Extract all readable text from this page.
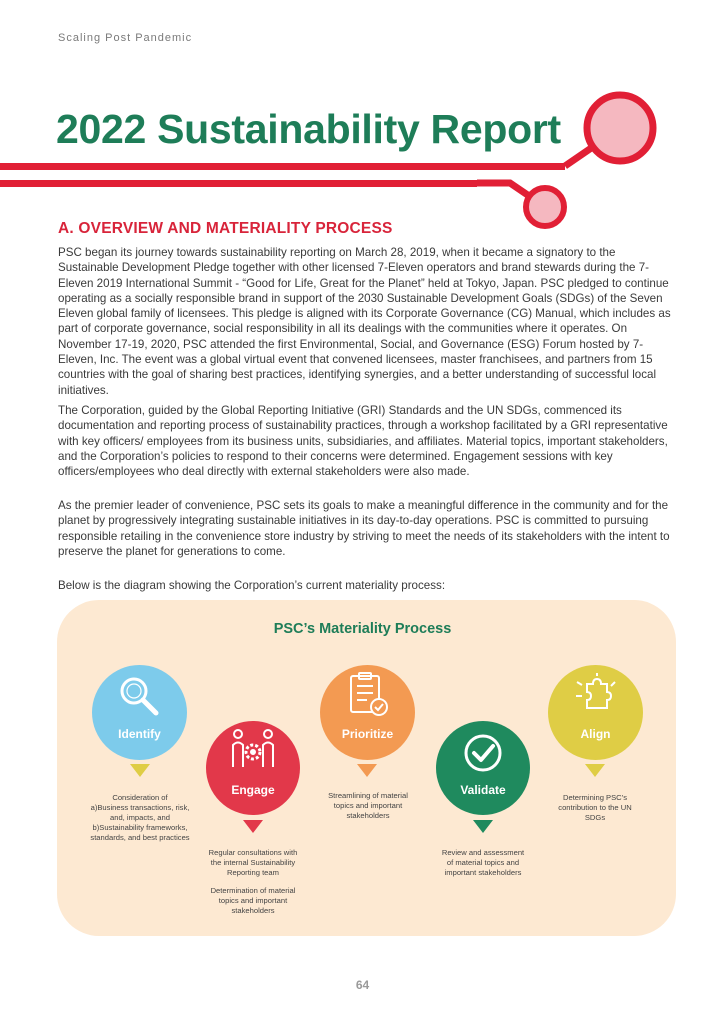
Scaling Post Pandemic
2022 Sustainability Report
A. OVERVIEW AND MATERIALITY PROCESS

PSC began its journey towards sustainability reporting on March 28, 2019, when it became a signatory to the Sustainable Development Pledge together with other licensed 7-Eleven operators and brand stewards during the 7-Eleven 2019 International Summit - “Good for Life, Great for the Planet” held at Tokyo, Japan. PSC pledged to continue operating as a socially responsible brand in support of the 2030 Sustainable Development Goals (SDGs) of the Seven Eleven global family of licensees. This pledge is aligned with its Corporate Governance (CG) Manual, which includes as part of corporate governance, social responsibility in all its dealings with the communities where it operates. On November 17-19, 2020, PSC attended the first Environmental, Social, and Governance (ESG) Forum hosted by 7-Eleven, Inc. The event was a global virtual event that convened licensees, master franchisees, and partners from 15 countries with the goal of sharing best practices, identifying synergies, and a better understanding of successful local initiatives.

The Corporation, guided by the Global Reporting Initiative (GRI) Standards and the UN SDGs, commenced its documentation and reporting process of sustainability practices, through a workshop facilitated by a GRI representative with key officers/ employees from its business units, subsidiaries, and affiliates. Material topics, important stakeholders, and the Corporation’s policies to respond to their concerns were determined. Engagement sessions with key officers/employees who deal directly with external stakeholders were also made.

As the premier leader of convenience, PSC sets its goals to make a meaningful difference in the community and for the planet by progressively integrating sustainable initiatives in its day-to-day operations. PSC is committed to pursuing responsible retailing in the convenience store industry by striving to meet the needs of its stakeholders with the intent to preserve the planet for generations to come.

Below is the diagram showing the Corporation’s current materiality process:

PSC’s Materiality Process
Identify

Consideration of

a)Business transactions, risk,

and, impacts, and

b)Sustainability frameworks,

standards, and best practices

Engage

Regular consultations with

the internal Sustainability

Reporting team

Determination of material

topics and important

stakeholders

Prioritize

Streamlining of material

topics and important

stakeholders

Validate

Review and assessment

of material topics and

important stakeholders

Align

Determining PSC’s

contribution to the UN

SDGs

64
